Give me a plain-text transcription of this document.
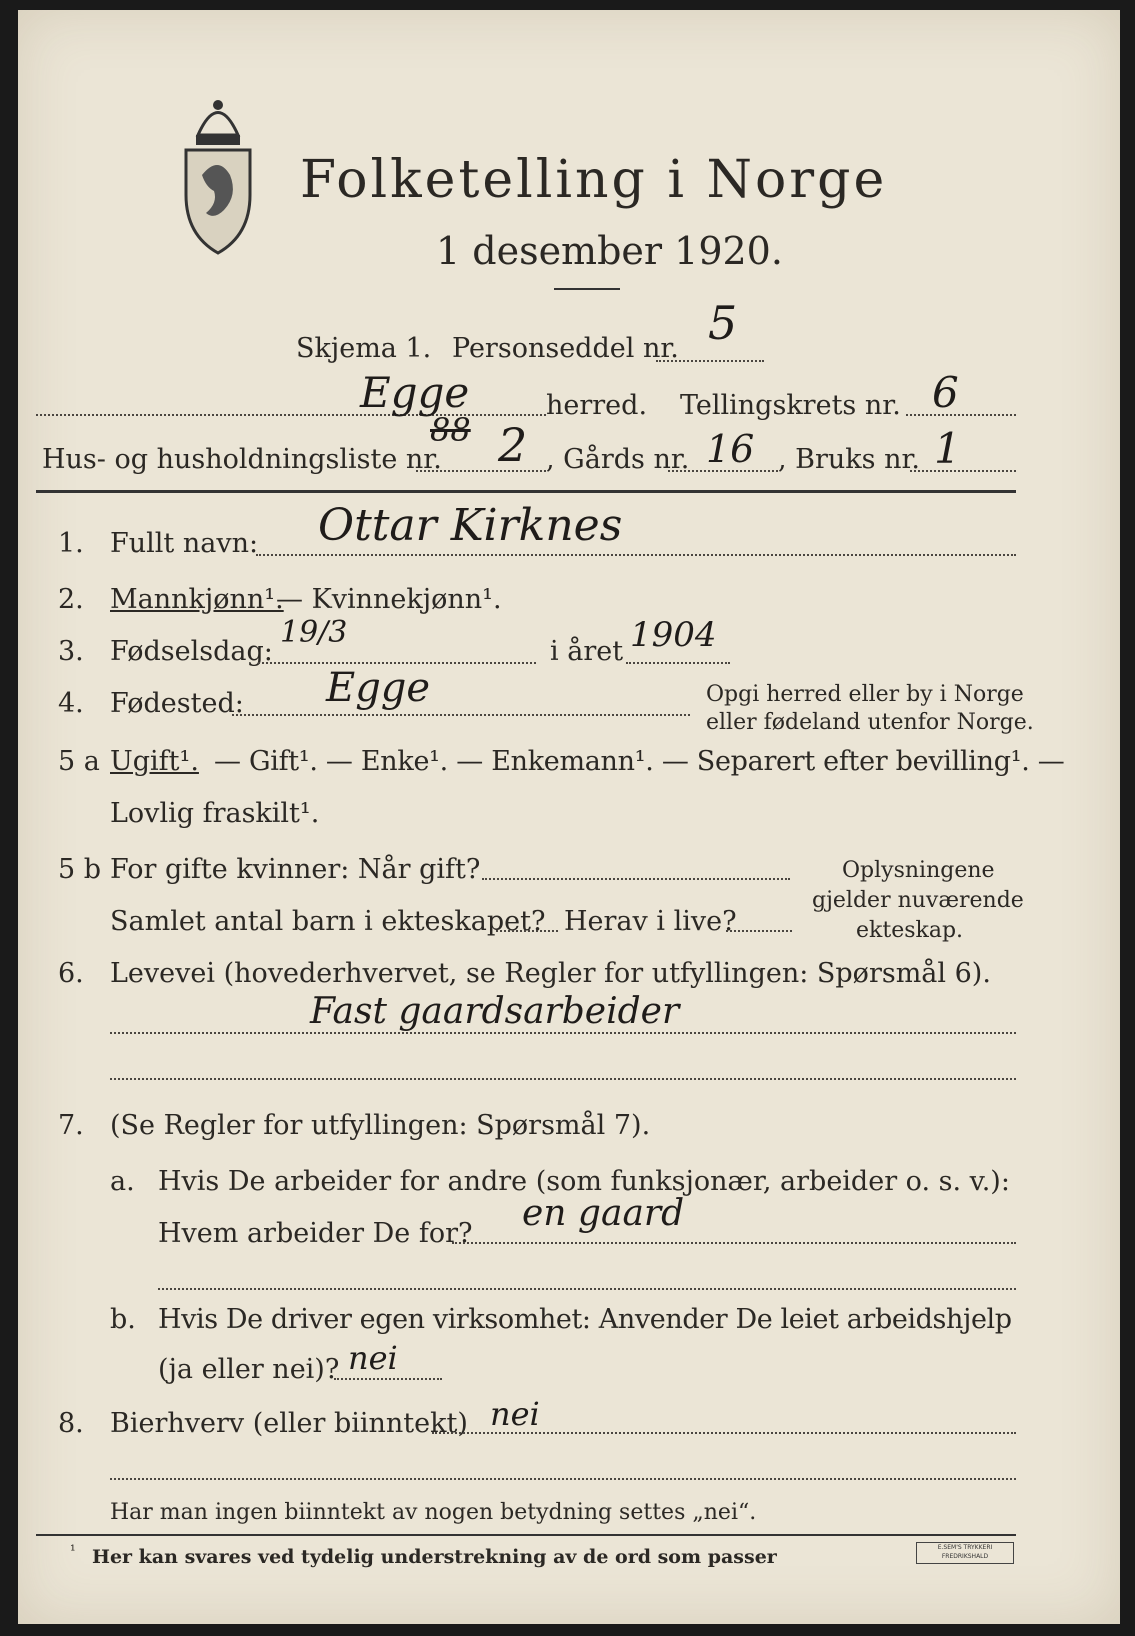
Folketelling i Norge
1 desember 1920.
Skjema 1. Personseddel nr. 5
Egge	herred. Tellingskrets nr. 6
Hus- og husholdningsliste nr.
88 2 , Gårds nr. 16 , Bruks nr. 1
1. Fullt navn: Ottar Kirknes
2. Mannkjønn¹.
— Kvinnekjønn¹.
3. Fødselsdag:
19/3
i året 1904
4. Fødested: Egge	Opgi herred eller by i Norge
eller fødeland utenfor Norge.
5 a Ugift¹. — Gift¹. — Enke¹. — Enkemann¹. — Separert efter bevilling¹. —
Lovlig fraskilt¹.
5 b For gifte kvinner: Når gift?
Samlet antal barn i ekteskapet? Herav i live?
Oplysningene
gjelder nuværende
ekteskap.
6. Levevei (hovederhvervet, se Regler for utfyllingen: Spørsmål 6).
Fast gaardsarbeider
7. (Se Regler for utfyllingen: Spørsmål 7).
a. Hvis De arbeider for andre (som funksjonær, arbeider o. s. v.):
Hvem arbeider De for? en gaard
b. Hvis De driver egen virksomhet: Anvender De leiet arbeidshjelp
(ja eller nei)? nei
8. Bierhverv (eller biinntekt) nei
Har man ingen biinntekt av nogen betydning settes „nei“.
¹ Her kan svares ved tydelig understrekning av de ord som passer	E.SEM'S TRYKKERI FREDRIKSHALD
